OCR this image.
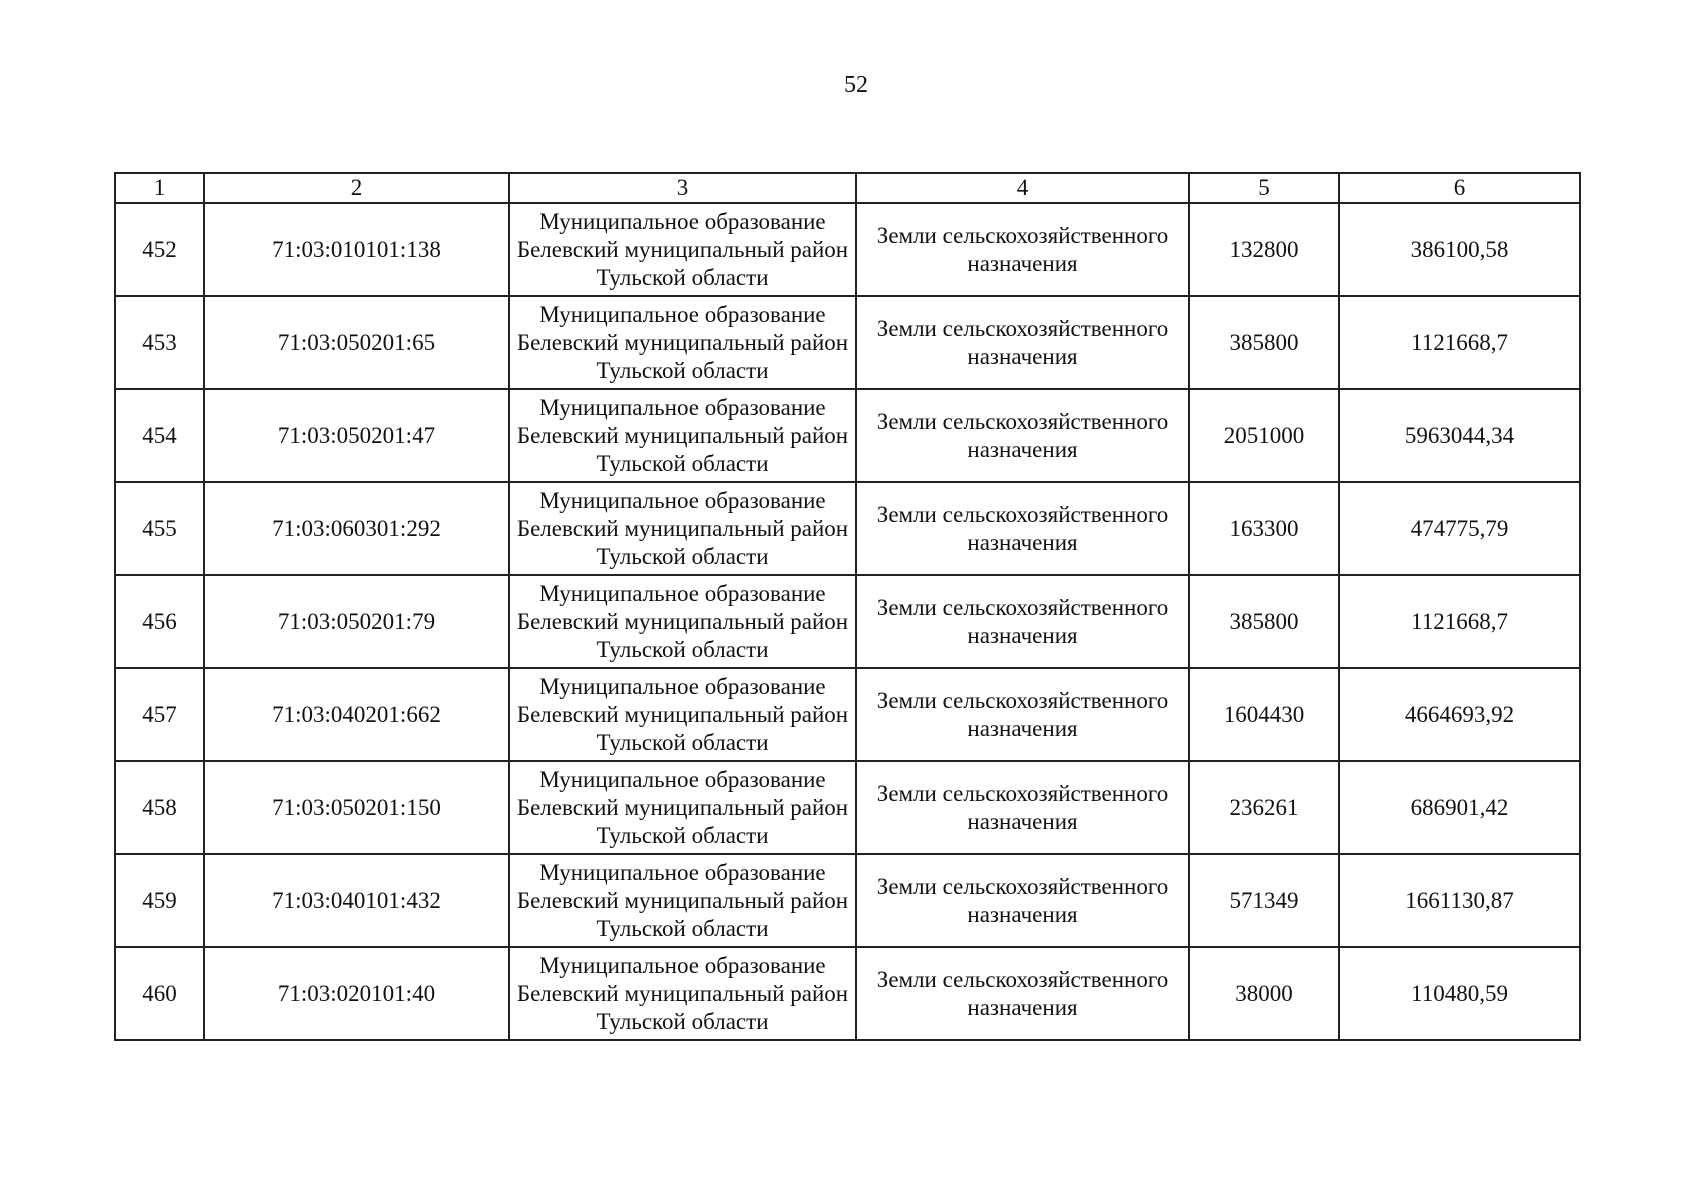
52
1	2	3	4	5	6
452	71:03:010101:138	Муниципальное образование Белевский муниципальный район Тульской области	Земли сельскохозяйственного назначения	132800	386100,58
453	71:03:050201:65	Муниципальное образование Белевский муниципальный район Тульской области	Земли сельскохозяйственного назначения	385800	1121668,7
454	71:03:050201:47	Муниципальное образование Белевский муниципальный район Тульской области	Земли сельскохозяйственного назначения	2051000	5963044,34
455	71:03:060301:292	Муниципальное образование Белевский муниципальный район Тульской области	Земли сельскохозяйственного назначения	163300	474775,79
456	71:03:050201:79	Муниципальное образование Белевский муниципальный район Тульской области	Земли сельскохозяйственного назначения	385800	1121668,7
457	71:03:040201:662	Муниципальное образование Белевский муниципальный район Тульской области	Земли сельскохозяйственного назначения	1604430	4664693,92
458	71:03:050201:150	Муниципальное образование Белевский муниципальный район Тульской области	Земли сельскохозяйственного назначения	236261	686901,42
459	71:03:040101:432	Муниципальное образование Белевский муниципальный район Тульской области	Земли сельскохозяйственного назначения	571349	1661130,87
460	71:03:020101:40	Муниципальное образование Белевский муниципальный район Тульской области	Земли сельскохозяйственного назначения	38000	110480,59
